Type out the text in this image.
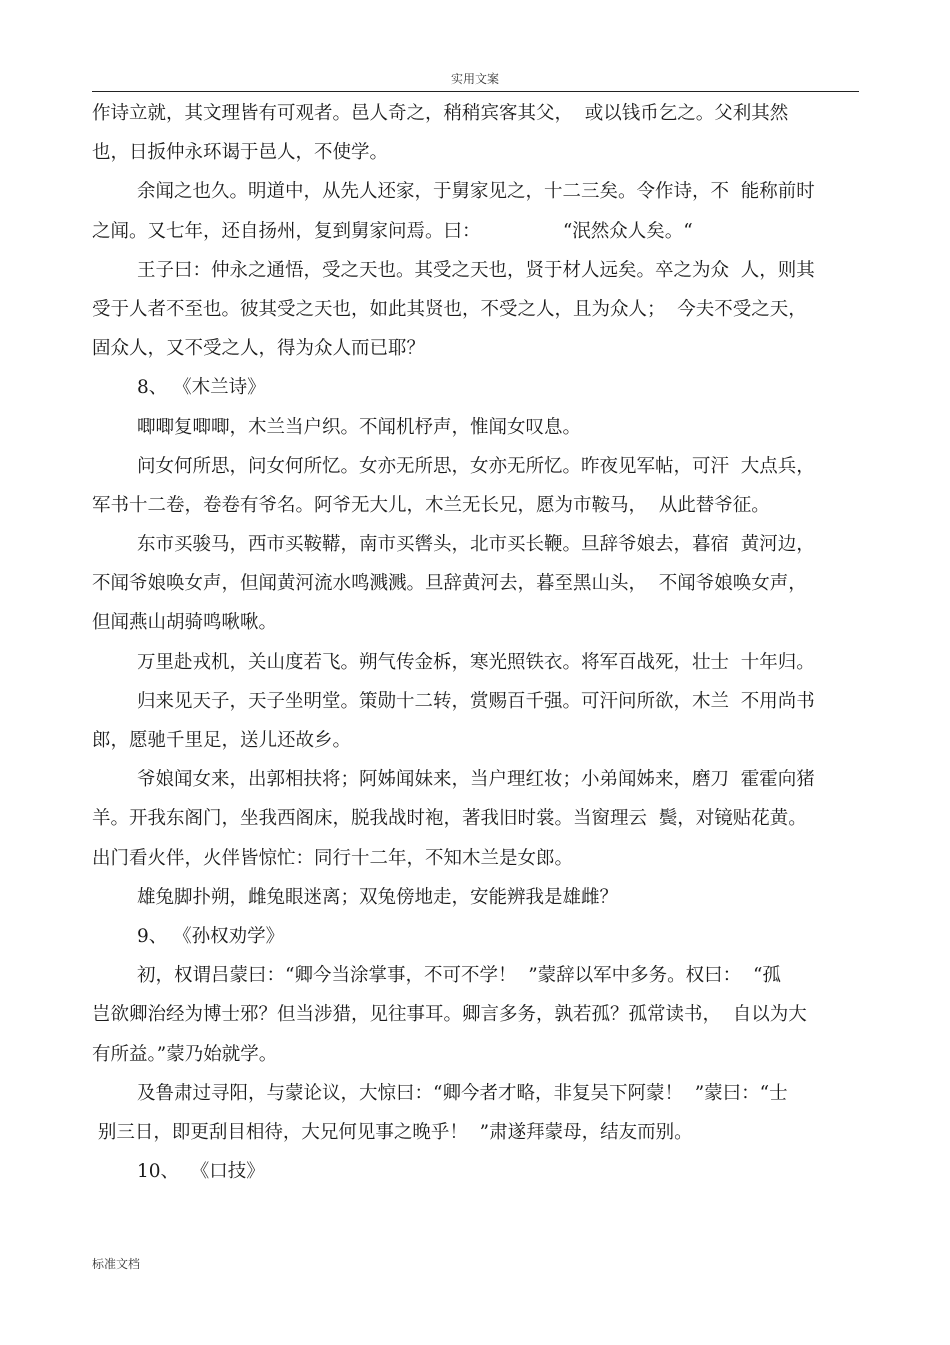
实用文案
作诗立就，其文理皆有可观者。邑人奇之，稍稍宾客其父，  或以钱币乞之。父利其然
也，日扳仲永环谒于邑人，不使学。
余闻之也久。明道中，从先人还家，于舅家见之，十二三矣。令作诗，不  能称前时
之闻。又七年，还自扬州，复到舅家问焉。曰：              “泯然众人矣。“
王子曰：仲永之通悟，受之天也。其受之天也，贤于材人远矣。卒之为众  人，则其
受于人者不至也。彼其受之天也，如此其贤也，不受之人，且为众人；  今夫不受之天，
固众人，又不受之人，得为众人而已耶？
8、 《木兰诗》
唧唧复唧唧，木兰当户织。不闻机杼声，惟闻女叹息。
问女何所思，问女何所忆。女亦无所思，女亦无所忆。昨夜见军帖，可汗  大点兵，
军书十二卷，卷卷有爷名。阿爷无大儿，木兰无长兄，愿为市鞍马，  从此替爷征。
东市买骏马，西市买鞍鞯，南市买辔头，北市买长鞭。旦辞爷娘去，暮宿  黄河边，
不闻爷娘唤女声，但闻黄河流水鸣溅溅。旦辞黄河去，暮至黑山头，  不闻爷娘唤女声，
但闻燕山胡骑鸣啾啾。
万里赴戎机，关山度若飞。朔气传金柝，寒光照铁衣。将军百战死，壮士  十年归。
归来见天子，天子坐明堂。策勋十二转，赏赐百千强。可汗问所欲，木兰  不用尚书
郎，愿驰千里足，送儿还故乡。
爷娘闻女来，出郭相扶将；阿姊闻妹来，当户理红妆；小弟闻姊来，磨刀  霍霍向猪
羊。开我东阁门，坐我西阁床，脱我战时袍，著我旧时裳。当窗理云  鬓，对镜贴花黄。
出门看火伴，火伴皆惊忙：同行十二年，不知木兰是女郎。
雄兔脚扑朔，雌兔眼迷离；双兔傍地走，安能辨我是雄雌？
9、 《孙权劝学》
初，权谓吕蒙曰：“卿今当涂掌事，不可不学！  ”蒙辞以军中多务。权曰：  “孤
岂欲卿治经为博士邪？但当涉猎，见往事耳。卿言多务，孰若孤？孤常读书，  自以为大
有所益。”蒙乃始就学。
及鲁肃过寻阳，与蒙论议，大惊曰：“卿今者才略，非复吴下阿蒙！  ”蒙曰：“士
别三日，即更刮目相待，大兄何见事之晚乎！  ”肃遂拜蒙母，结友而别。
10、  《口技》
标准文档
